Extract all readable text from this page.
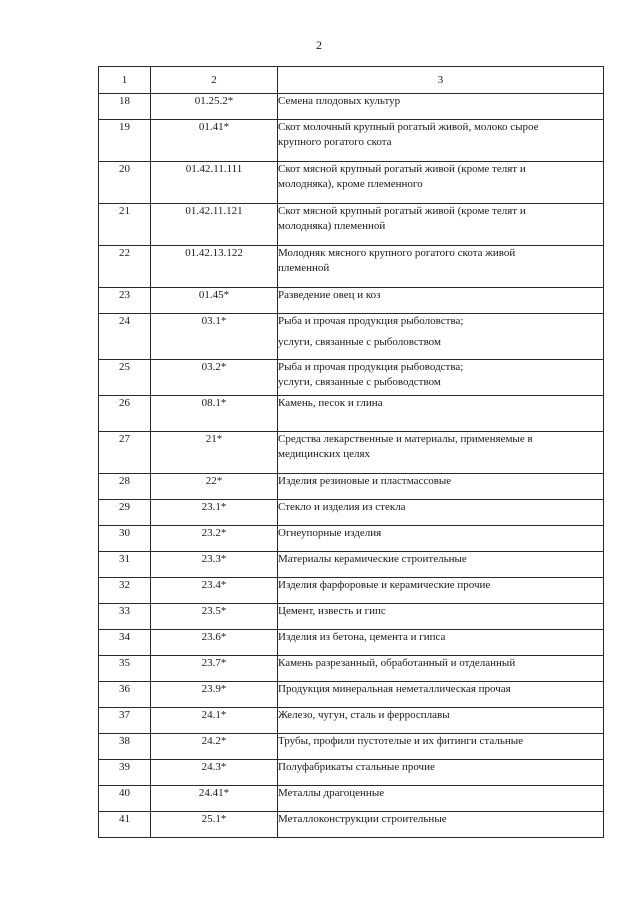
2
1	2	3
18	01.25.2*	Семена плодовых культур

19	01.41*	Скот молочный крупный рогатый живой, молоко сырое
крупного рогатого скота

20	01.42.11.111	Скот мясной крупный рогатый живой (кроме телят и
молодняка), кроме племенного

21	01.42.11.121	Скот мясной крупный рогатый живой (кроме телят и
молодняка) племенной

22	01.42.13.122	Молодняк мясного крупного рогатого скота живой
племенной

23	01.45*	Разведение овец и коз

24	03.1*	Рыба и прочая продукция рыболовства;
услуги, связанные с рыболовством

25	03.2*	Рыба и прочая продукция рыбоводства;
услуги, связанные с рыбоводством

26	08.1*	Камень, песок и глина

27	21*	Средства лекарственные и материалы, применяемые в
медицинских целях

28	22*	Изделия резиновые и пластмассовые

29	23.1*	Стекло и изделия из стекла

30	23.2*	Огнеупорные изделия

31	23.3*	Материалы керамические строительные

32	23.4*	Изделия фарфоровые и керамические прочие

33	23.5*	Цемент, известь и гипс

34	23.6*	Изделия из бетона, цемента и гипса

35	23.7*	Камень разрезанный, обработанный и отделанный

36	23.9*	Продукция минеральная неметаллическая прочая

37	24.1*	Железо, чугун, сталь и ферросплавы

38	24.2*	Трубы, профили пустотелые и их фитинги стальные

39	24.3*	Полуфабрикаты стальные прочие

40	24.41*	Металлы драгоценные

41	25.1*	Металлоконструкции строительные
